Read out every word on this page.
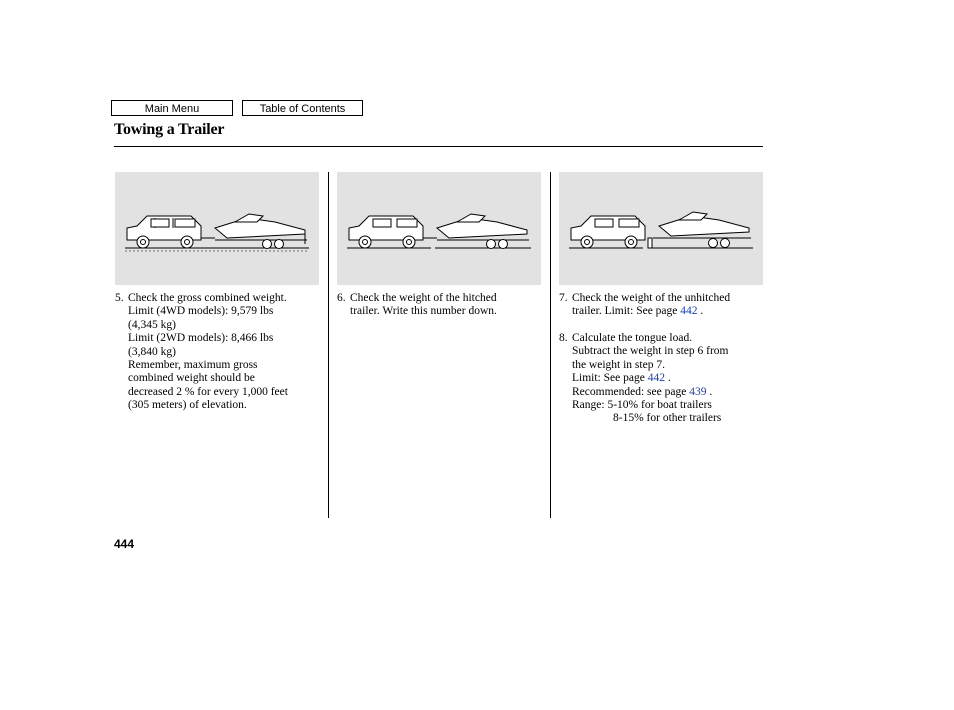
Main Menu	Table of Contents
Towing a Trailer
5. Check the gross combined weight.

Limit (4WD models): 9,579 lbs

(4,345 kg)

Limit (2WD models): 8,466 lbs

(3,840 kg)

Remember, maximum gross

combined weight should be

decreased 2 % for every 1,000 feet

(305 meters) of elevation.

6. Check the weight of the hitched

trailer. Write this number down.

7. Check the weight of the unhitched

trailer. Limit: See page 442 .

8. Calculate the tongue load.

Subtract the weight in step 6 from

the weight in step 7.

Limit: See page 442 .

Recommended: see page 439 .

Range: 5-10% for boat trailers

8-15% for other trailers

444
